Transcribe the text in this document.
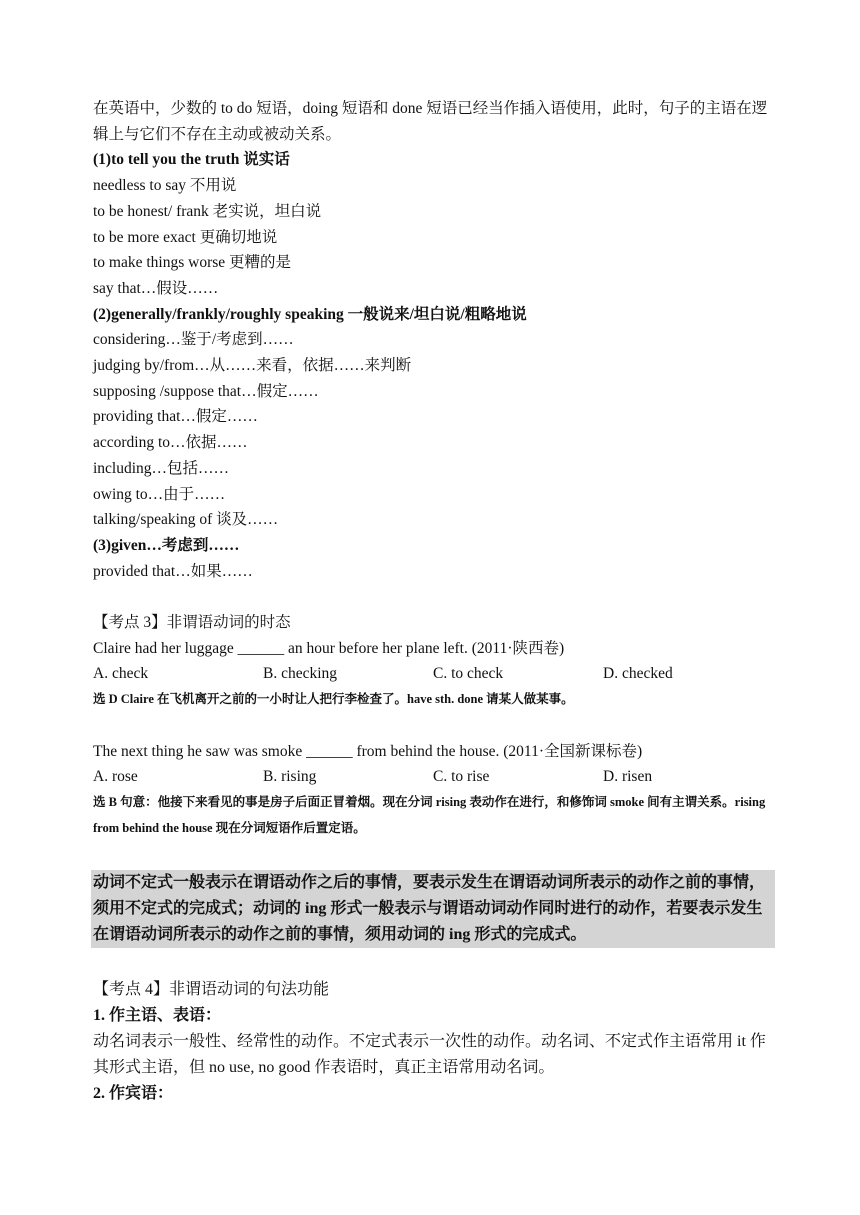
在英语中，少数的 to do 短语，doing 短语和 done 短语已经当作插入语使用，此时，句子的主语在逻辑上与它们不存在主动或被动关系。

(1)to tell you the truth 说实话

needless to say 不用说

to be honest/ frank 老实说，坦白说

to be more exact 更确切地说

to make things worse 更糟的是

say that…假设……

(2)generally/frankly/roughly speaking 一般说来/坦白说/粗略地说

considering…鉴于/考虑到……

judging by/from…从……来看，依据……来判断

supposing /suppose that…假定……

providing that…假定……

according to…依据……

including…包括……

owing to…由于……

talking/speaking of 谈及……

(3)given…考虑到……

provided that…如果……

【考点 3】非谓语动词的时态

Claire had her luggage ______ an hour before her plane left. (2011·陕西卷)

A. check	B. checking	C. to check	D. checked

选 D Claire 在飞机离开之前的一小时让人把行李检查了。have sth. done 请某人做某事。

The next thing he saw was smoke ______ from behind the house. (2011·全国新课标卷)

A. rose	B. rising	C. to rise	D. risen

选 B 句意：他接下来看见的事是房子后面正冒着烟。现在分词 rising 表动作在进行，和修饰词 smoke 间有主谓关系。rising from behind the house 现在分词短语作后置定语。

动词不定式一般表示在谓语动作之后的事情，要表示发生在谓语动词所表示的动作之前的事情，须用不定式的完成式；动词的 ing 形式一般表示与谓语动词动作同时进行的动作，若要表示发生在谓语动词所表示的动作之前的事情，须用动词的 ing 形式的完成式。

【考点 4】非谓语动词的句法功能

1. 作主语、表语：

动名词表示一般性、经常性的动作。不定式表示一次性的动作。动名词、不定式作主语常用 it 作其形式主语，但 no use, no good 作表语时，真正主语常用动名词。

2. 作宾语：
